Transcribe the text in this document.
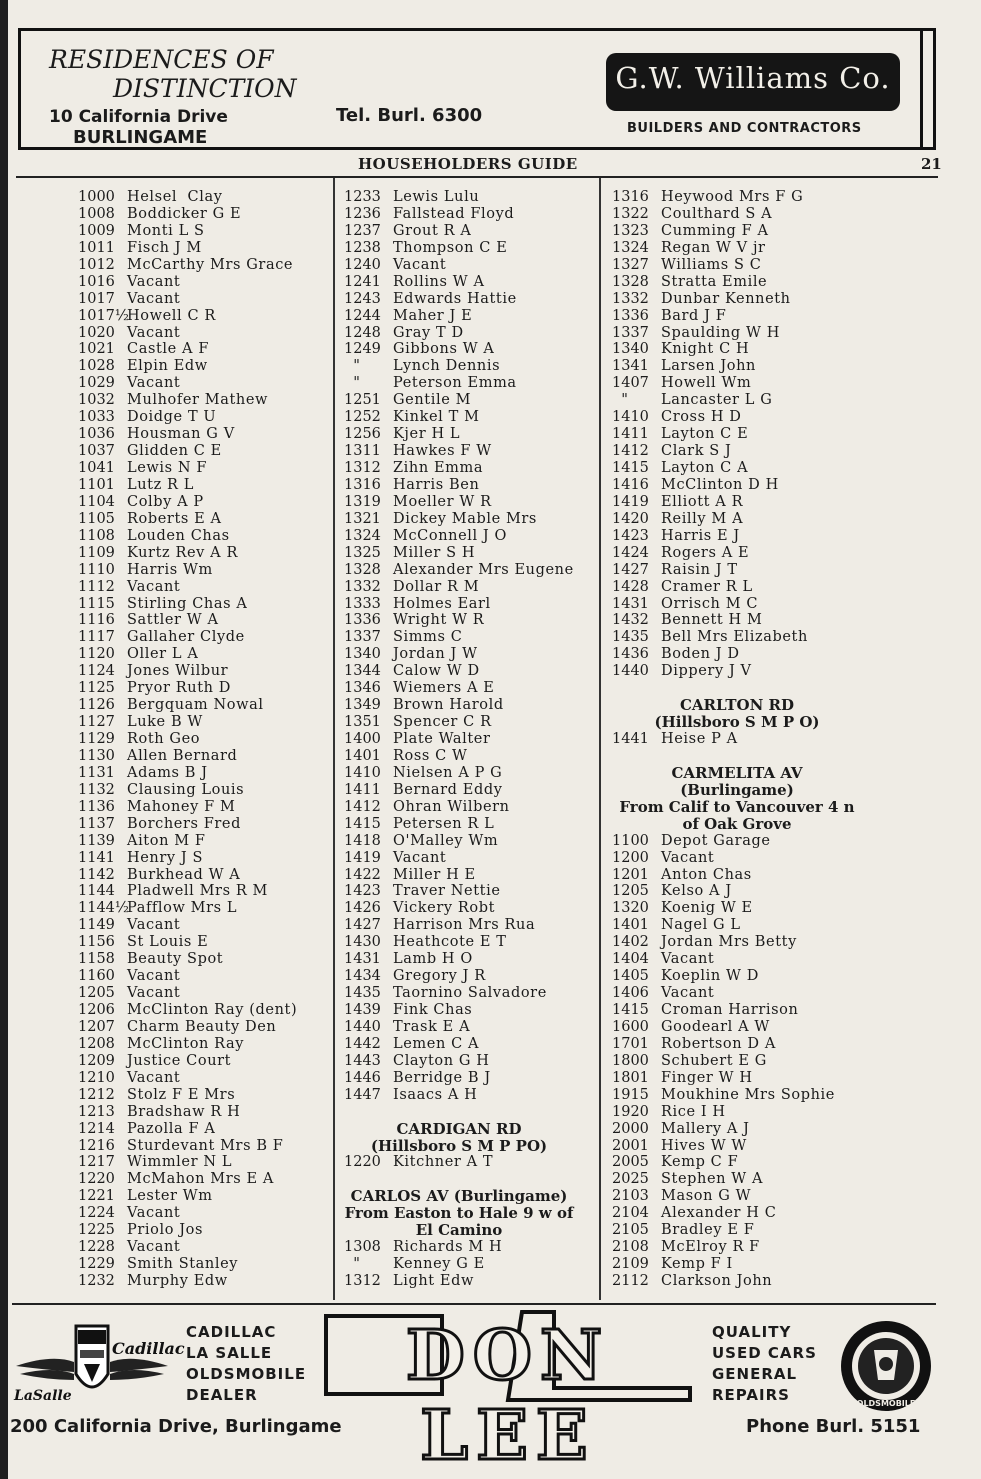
RESIDENCES OF
DISTINCTION
10 California Drive
BURLINGAME
Tel. Burl. 6300
G.W. Williams Co.
BUILDERS AND CONTRACTORS
HOUSEHOLDERS GUIDE	21
1000 Helsel  Clay
1008 Boddicker G E
1009 Monti L S
1011 Fisch J M
1012 McCarthy Mrs Grace
1016 Vacant
1017 Vacant
1017½Howell C R
1020 Vacant
1021 Castle A F
1028 Elpin Edw
1029 Vacant
1032 Mulhofer Mathew
1033 Doidge T U
1036 Housman G V
1037 Glidden C E
1041 Lewis N F
1101 Lutz R L
1104 Colby A P
1105 Roberts E A
1108 Louden Chas
1109 Kurtz Rev A R
1110 Harris Wm
1112 Vacant
1115 Stirling Chas A
1116 Sattler W A
1117 Gallaher Clyde
1120 Oller L A
1124 Jones Wilbur
1125 Pryor Ruth D
1126 Bergquam Nowal
1127 Luke B W
1129 Roth Geo
1130 Allen Bernard
1131 Adams B J
1132 Clausing Louis
1136 Mahoney F M
1137 Borchers Fred
1139 Aiton M F
1141 Henry J S
1142 Burkhead W A
1144 Pladwell Mrs R M
1144½Pafflow Mrs L
1149 Vacant
1156 St Louis E
1158 Beauty Spot
1160 Vacant
1205 Vacant
1206 McClinton Ray (dent)
1207 Charm Beauty Den
1208 McClinton Ray
1209 Justice Court
1210 Vacant
1212 Stolz F E Mrs
1213 Bradshaw R H
1214 Pazolla F A
1216 Sturdevant Mrs B F
1217 Wimmler N L
1220 McMahon Mrs E A
1221 Lester Wm
1224 Vacant
1225 Priolo Jos
1228 Vacant
1229 Smith Stanley
1232 Murphy Edw
1233 Lewis Lulu
1236 Fallstead Floyd
1237 Grout R A
1238 Thompson C E
1240 Vacant
1241 Rollins W A
1243 Edwards Hattie
1244 Maher J E
1248 Gray T D
1249 Gibbons W A
" Lynch Dennis
" Peterson Emma
1251 Gentile M
1252 Kinkel T M
1256 Kjer H L
1311 Hawkes F W
1312 Zihn Emma
1316 Harris Ben
1319 Moeller W R
1321 Dickey Mable Mrs
1324 McConnell J O
1325 Miller S H
1328 Alexander Mrs Eugene
1332 Dollar R M
1333 Holmes Earl
1336 Wright W R
1337 Simms C
1340 Jordan J W
1344 Calow W D
1346 Wiemers A E
1349 Brown Harold
1351 Spencer C R
1400 Plate Walter
1401 Ross C W
1410 Nielsen A P G
1411 Bernard Eddy
1412 Ohran Wilbern
1415 Petersen R L
1418 O'Malley Wm
1419 Vacant
1422 Miller H E
1423 Traver Nettie
1426 Vickery Robt
1427 Harrison Mrs Rua
1430 Heathcote E T
1431 Lamb H O
1434 Gregory J R
1435 Taornino Salvadore
1439 Fink Chas
1440 Trask E A
1442 Lemen C A
1443 Clayton G H
1446 Berridge B J
1447 Isaacs A H

CARDIGAN RD
(Hillsboro S M P PO)
1220 Kitchner A T

CARLOS AV (Burlingame)
From Easton to Hale 9 w of
El Camino
1308 Richards M H
" Kenney G E
1312 Light Edw
1316 Heywood Mrs F G
1322 Coulthard S A
1323 Cumming F A
1324 Regan W V jr
1327 Williams S C
1328 Stratta Emile
1332 Dunbar Kenneth
1336 Bard J F
1337 Spaulding W H
1340 Knight C H
1341 Larsen John
1407 Howell Wm
" Lancaster L G
1410 Cross H D
1411 Layton C E
1412 Clark S J
1415 Layton C A
1416 McClinton D H
1419 Elliott A R
1420 Reilly M A
1423 Harris E J
1424 Rogers A E
1427 Raisin J T
1428 Cramer R L
1431 Orrisch M C
1432 Bennett H M
1435 Bell Mrs Elizabeth
1436 Boden J D
1440 Dippery J V

CARLTON RD
(Hillsboro S M P O)
1441 Heise P A

CARMELITA AV
(Burlingame)
From Calif to Vancouver 4 n
of Oak Grove
1100 Depot Garage
1200 Vacant
1201 Anton Chas
1205 Kelso A J
1320 Koenig W E
1401 Nagel G L
1402 Jordan Mrs Betty
1404 Vacant
1405 Koeplin W D
1406 Vacant
1415 Croman Harrison
1600 Goodearl A W
1701 Robertson D A
1800 Schubert E G
1801 Finger W H
1915 Moukhine Mrs Sophie
1920 Rice I H
2000 Mallery A J
2001 Hives W W
2005 Kemp C F
2025 Stephen W A
2103 Mason G W
2104 Alexander H C
2105 Bradley E F
2108 McElroy R F
2109 Kemp F I
2112 Clarkson John
Cadillac
LaSalle
CADILLAC
LA SALLE
OLDSMOBILE
DEALER	DON LEE
QUALITY
USED CARS
GENERAL
REPAIRS	OLDSMOBILE
200 California Drive, Burlingame	Phone Burl. 5151
